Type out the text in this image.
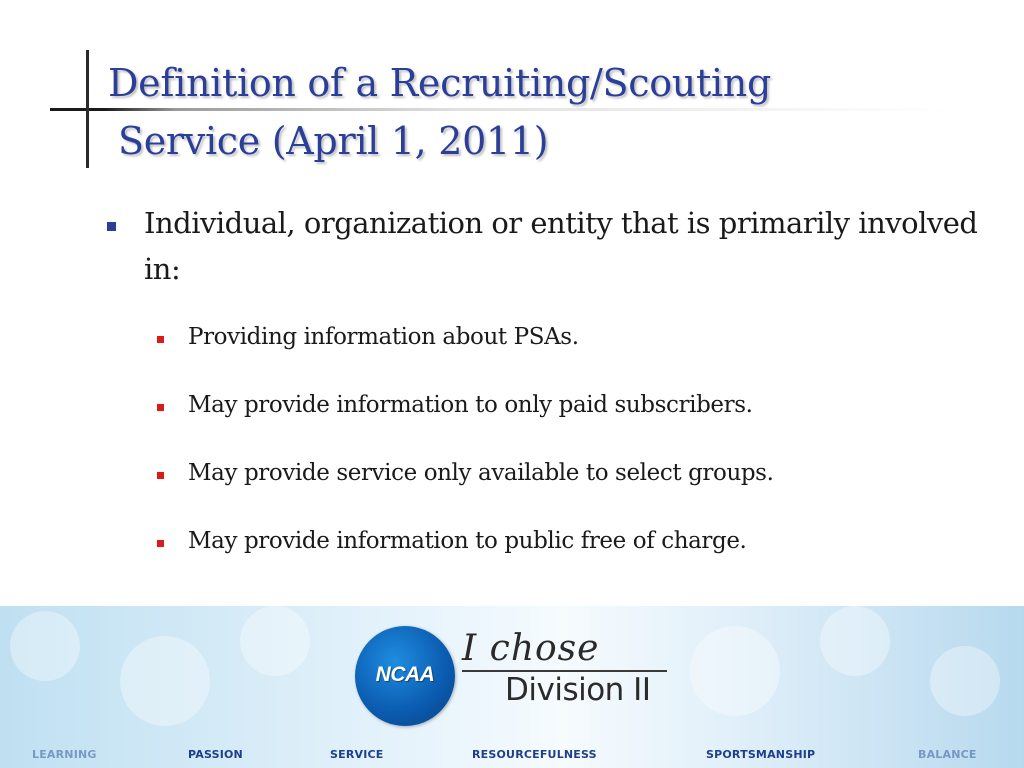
Definition of a Recruiting/Scouting
Service (April 1, 2011)
Individual, organization or entity that is primarily involved in:
Providing information about PSAs.
May provide information to only paid subscribers.
May provide service only available to select groups.
May provide information to public free of charge.
NCAA
I chose
Division II
LEARNING	PASSION	SERVICE	RESOURCEFULNESS	SPORTSMANSHIP	BALANCE
